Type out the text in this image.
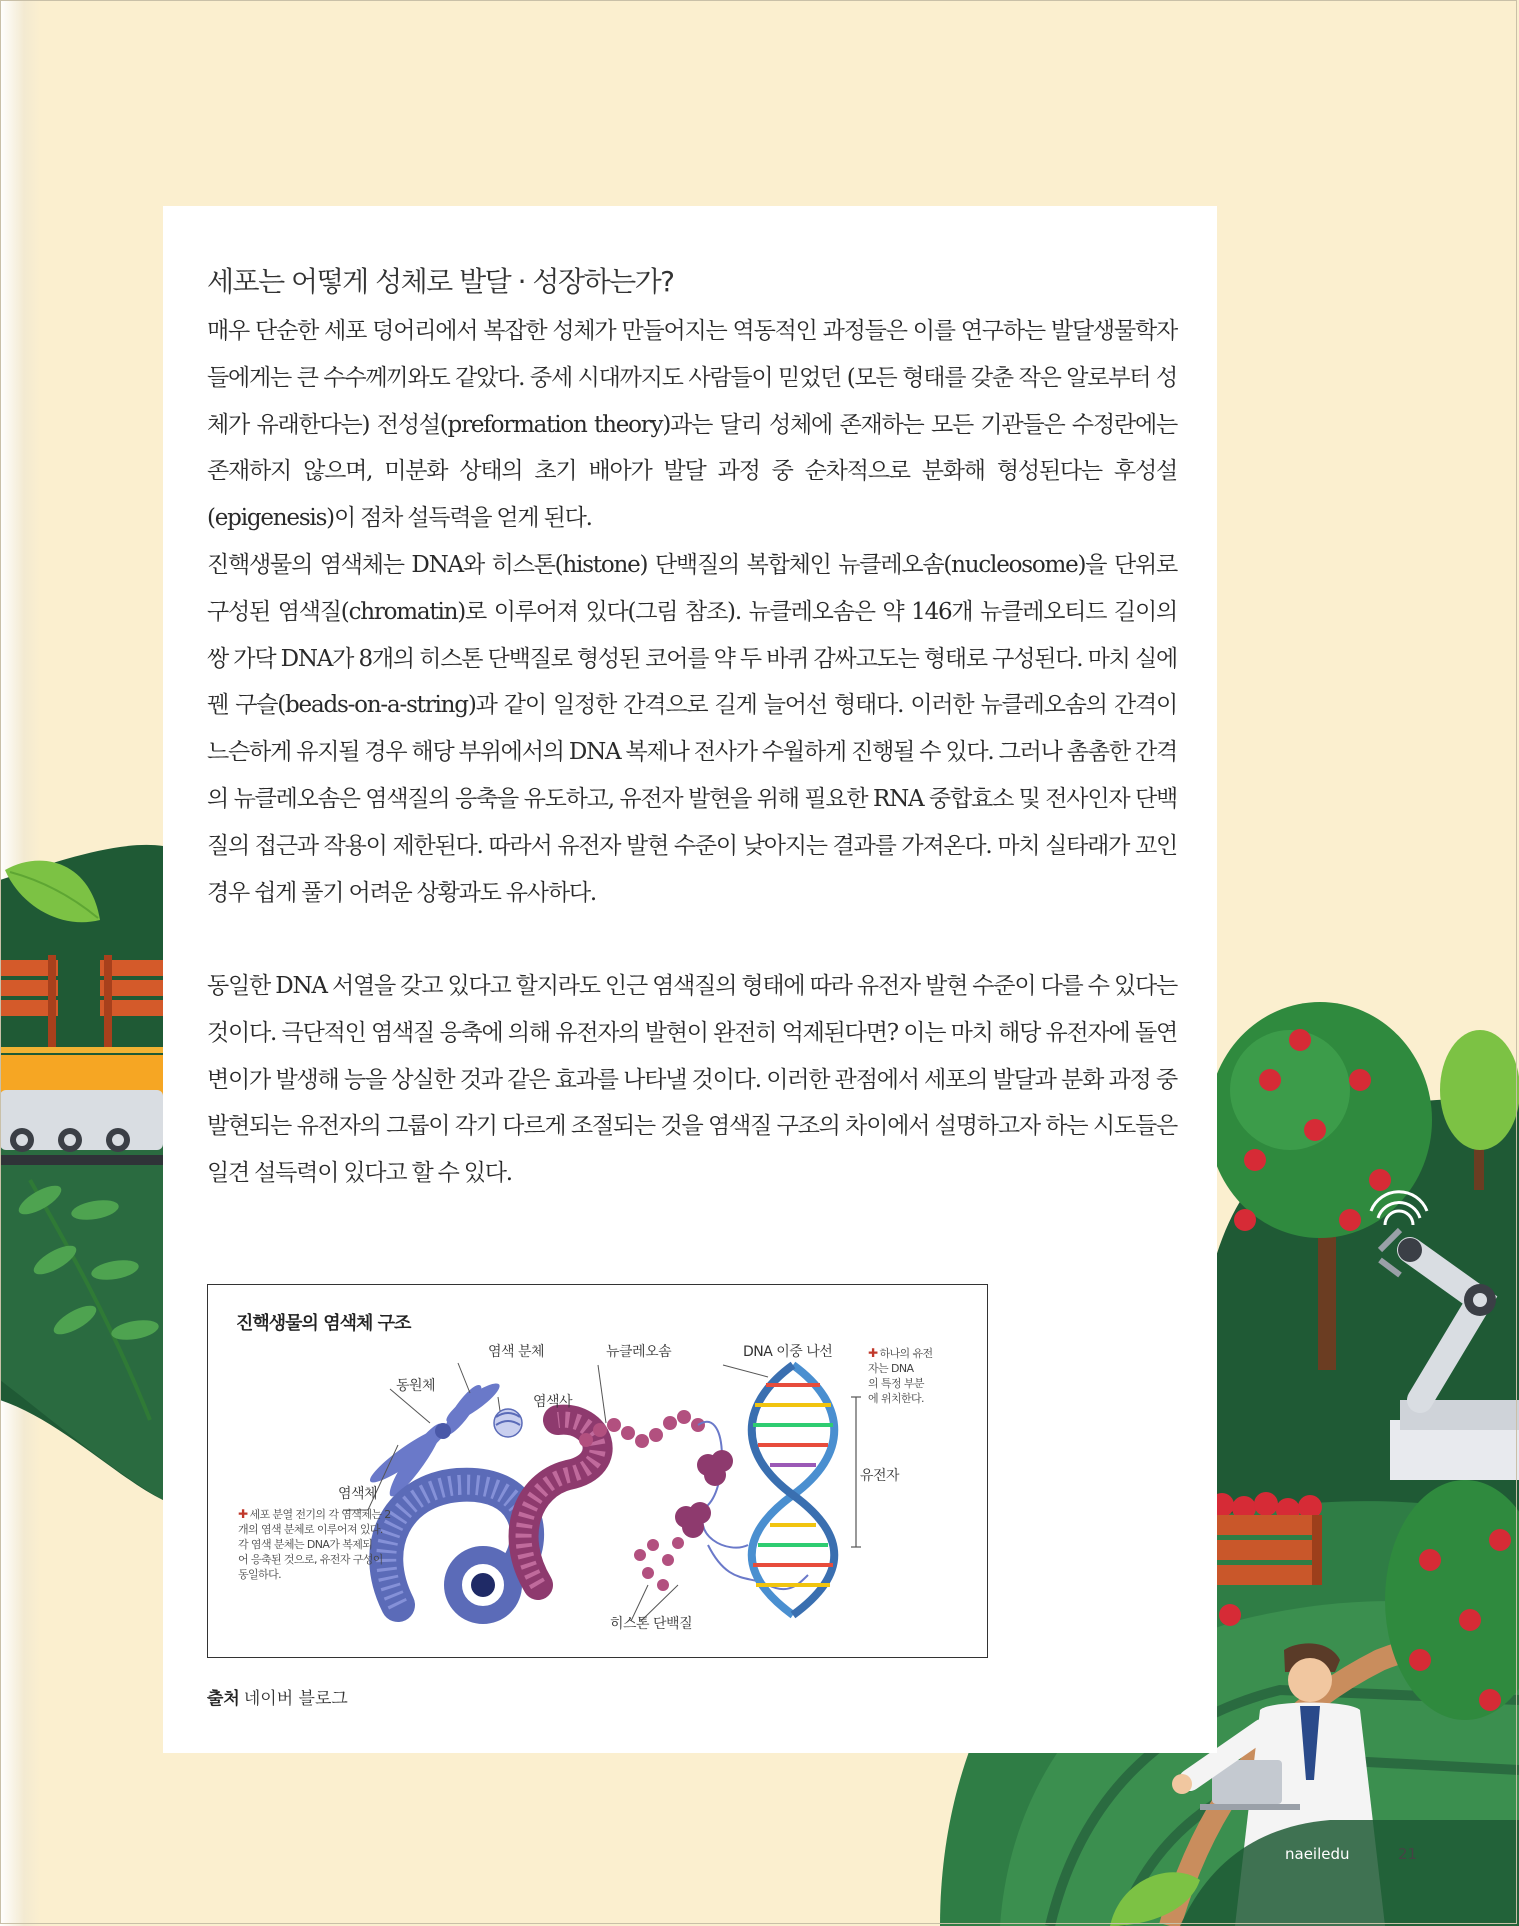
세포는 어떻게 성체로 발달 · 성장하는가?

매우 단순한 세포 덩어리에서 복잡한 성체가 만들어지는 역동적인 과정들은 이를 연구하는 발달생물학자들에게는 큰 수수께끼와도 같았다. 중세 시대까지도 사람들이 믿었던 (모든 형태를 갖춘 작은 알로부터 성체가 유래한다는) 전성설(preformation theory)과는 달리 성체에 존재하는 모든 기관들은 수정란에는 존재하지 않으며, 미분화 상태의 초기 배아가 발달 과정 중 순차적으로 분화해 형성된다는 후성설(epigenesis)이 점차 설득력을 얻게 된다.

진핵생물의 염색체는 DNA와 히스톤(histone) 단백질의 복합체인 뉴클레오솜(nucleosome)을 단위로 구성된 염색질(chromatin)로 이루어져 있다(그림 참조). 뉴클레오솜은 약 146개 뉴클레오티드 길이의 쌍 가닥 DNA가 8개의 히스톤 단백질로 형성된 코어를 약 두 바퀴 감싸고도는 형태로 구성된다. 마치 실에 꿴 구슬(beads-on-a-string)과 같이 일정한 간격으로 길게 늘어선 형태다. 이러한 뉴클레오솜의 간격이 느슨하게 유지될 경우 해당 부위에서의 DNA 복제나 전사가 수월하게 진행될 수 있다. 그러나 촘촘한 간격의 뉴클레오솜은 염색질의 응축을 유도하고, 유전자 발현을 위해 필요한 RNA 중합효소 및 전사인자 단백질의 접근과 작용이 제한된다. 따라서 유전자 발현 수준이 낮아지는 결과를 가져온다. 마치 실타래가 꼬인 경우 쉽게 풀기 어려운 상황과도 유사하다.

동일한 DNA 서열을 갖고 있다고 할지라도 인근 염색질의 형태에 따라 유전자 발현 수준이 다를 수 있다는 것이다. 극단적인 염색질 응축에 의해 유전자의 발현이 완전히 억제된다면? 이는 마치 해당 유전자에 돌연변이가 발생해 능을 상실한 것과 같은 효과를 나타낼 것이다. 이러한 관점에서 세포의 발달과 분화 과정 중 발현되는 유전자의 그룹이 각기 다르게 조절되는 것을 염색질 구조의 차이에서 설명하고자 하는 시도들은 일견 설득력이 있다고 할 수 있다.

진핵생물의 염색체 구조
염색 분체	뉴클레오솜	DNA 이중 나선
동원체
염색사
염색체
유전자
히스톤 단백질
✚ 하나의 유전
자는 DNA
의 특정 부분
에 위치한다.
✚ 세포 분열 전기의 각 염색체는 2
개의 염색 분체로 이루어져 있다.
각 염색 분체는 DNA가 복제되
어 응축된 것으로, 유전자 구성이
동일하다.
출처 네이버 블로그
naeiledu	21
